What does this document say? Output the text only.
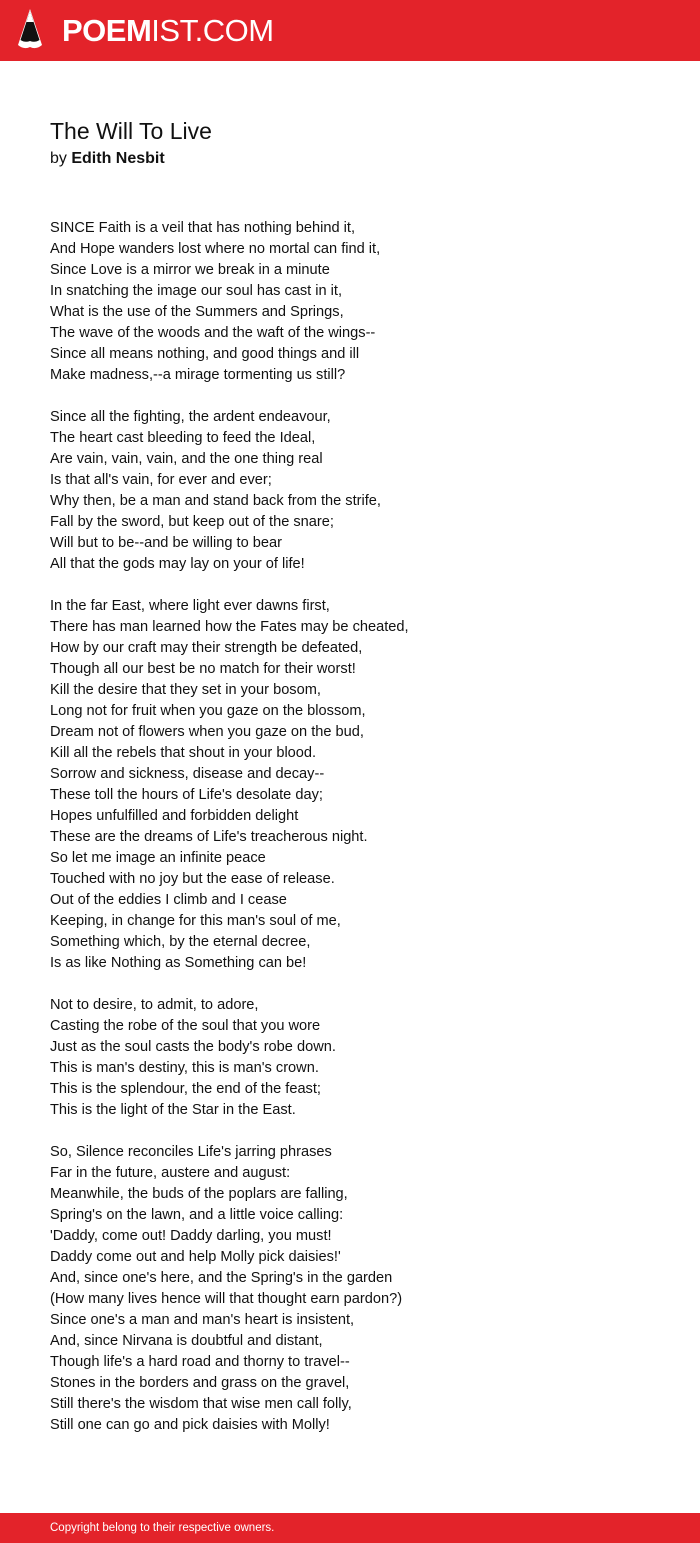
POEMIST.COM
The Will To Live
by Edith Nesbit
SINCE Faith is a veil that has nothing behind it,
And Hope wanders lost where no mortal can find it,
Since Love is a mirror we break in a minute
In snatching the image our soul has cast in it,
What is the use of the Summers and Springs,
The wave of the woods and the waft of the wings--
Since all means nothing, and good things and ill
Make madness,--a mirage tormenting us still?
Since all the fighting, the ardent endeavour,
The heart cast bleeding to feed the Ideal,
Are vain, vain, vain, and the one thing real
Is that all's vain, for ever and ever;
Why then, be a man and stand back from the strife,
Fall by the sword, but keep out of the snare;
Will but to be--and be willing to bear
All that the gods may lay on your of life!
In the far East, where light ever dawns first,
There has man learned how the Fates may be cheated,
How by our craft may their strength be defeated,
Though all our best be no match for their worst!
Kill the desire that they set in your bosom,
Long not for fruit when you gaze on the blossom,
Dream not of flowers when you gaze on the bud,
Kill all the rebels that shout in your blood.
Sorrow and sickness, disease and decay--
These toll the hours of Life's desolate day;
Hopes unfulfilled and forbidden delight
These are the dreams of Life's treacherous night.
So let me image an infinite peace
Touched with no joy but the ease of release.
Out of the eddies I climb and I cease
Keeping, in change for this man's soul of me,
Something which, by the eternal decree,
Is as like Nothing as Something can be!
Not to desire, to admit, to adore,
Casting the robe of the soul that you wore
Just as the soul casts the body's robe down.
This is man's destiny, this is man's crown.
This is the splendour, the end of the feast;
This is the light of the Star in the East.
So, Silence reconciles Life's jarring phrases
Far in the future, austere and august:
Meanwhile, the buds of the poplars are falling,
Spring's on the lawn, and a little voice calling:
'Daddy, come out! Daddy darling, you must!
Daddy come out and help Molly pick daisies!'
And, since one's here, and the Spring's in the garden
(How many lives hence will that thought earn pardon?)
Since one's a man and man's heart is insistent,
And, since Nirvana is doubtful and distant,
Though life's a hard road and thorny to travel--
Stones in the borders and grass on the gravel,
Still there's the wisdom that wise men call folly,
Still one can go and pick daisies with Molly!
Copyright belong to their respective owners.
